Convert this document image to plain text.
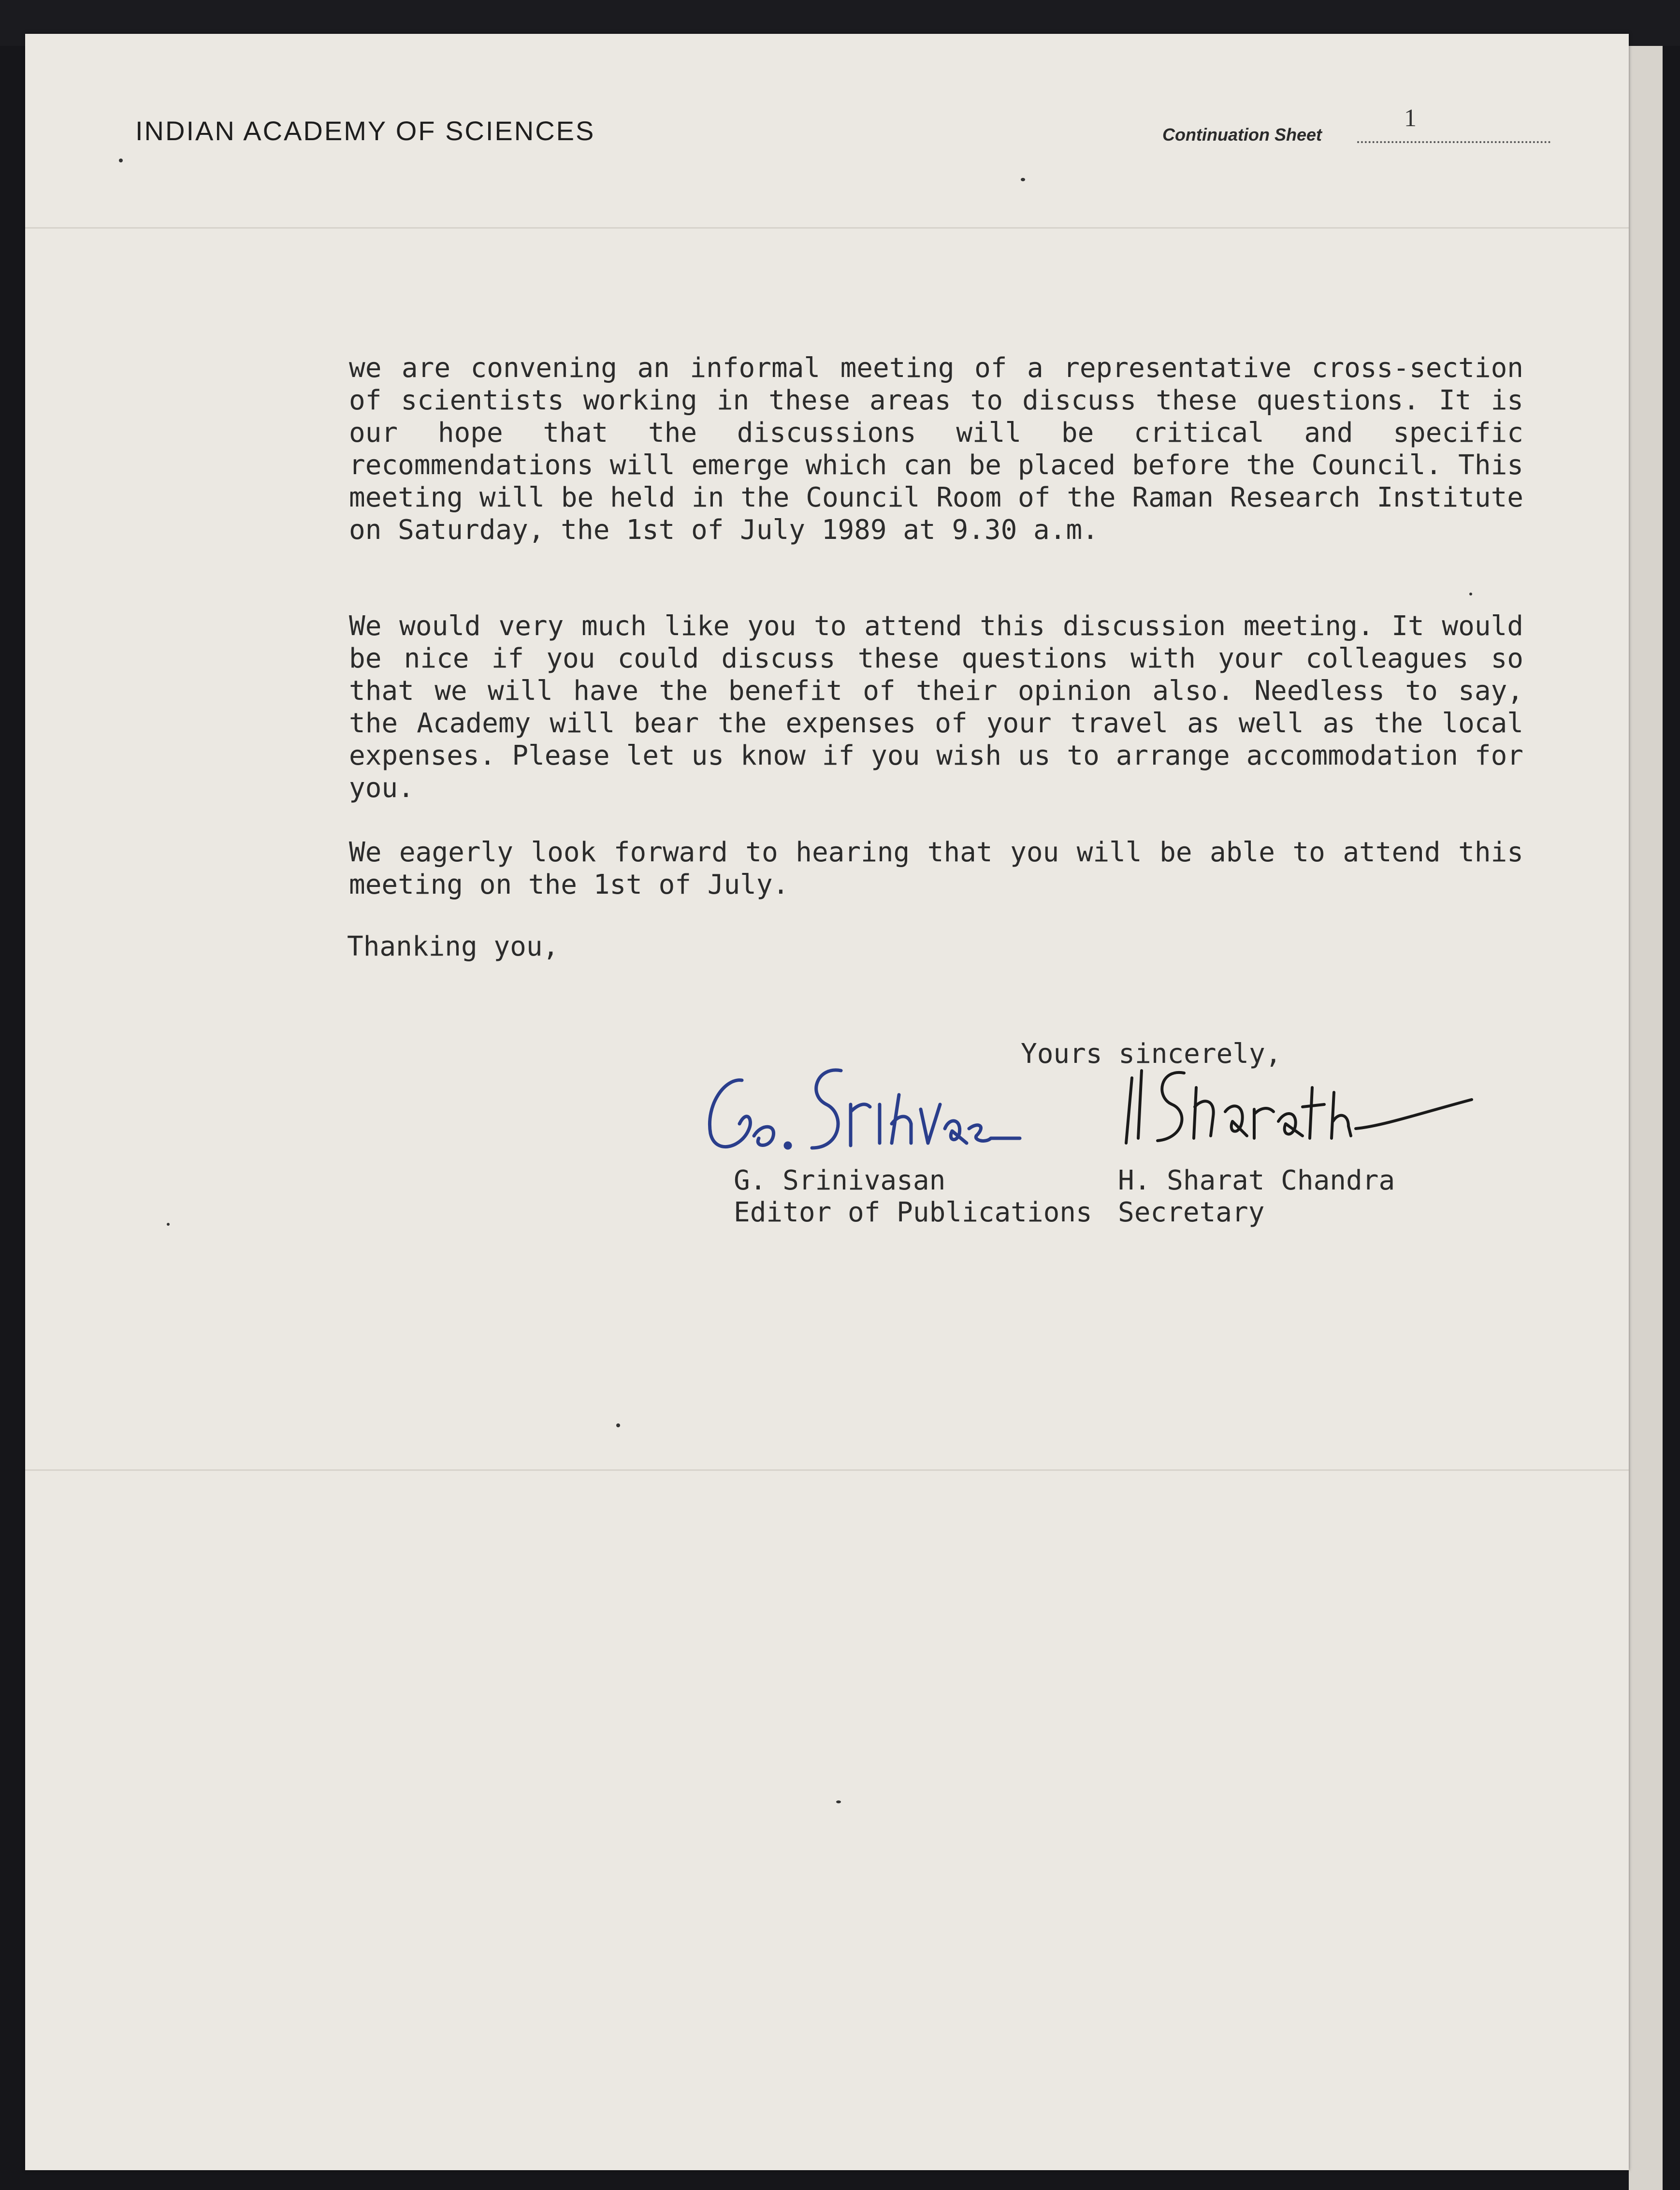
INDIAN ACADEMY OF SCIENCES	Continuation Sheet
1
we are convening an informal meeting of a representative cross-section of scientists working in these areas to discuss these questions. It is our hope that the discussions will be critical and specific recommendations will emerge which can be placed before the Council. This meeting will be held in the Council Room of the Raman Research Institute on Saturday, the 1st of July 1989 at 9.30 a.m.
We would very much like you to attend this discussion meeting. It would be nice if you could discuss these questions with your colleagues so that we will have the benefit of their opinion also. Needless to say, the Academy will bear the expenses of your travel as well as the local expenses. Please let us know if you wish us to arrange accommodation for you.
We eagerly look forward to hearing that you will be able to attend this meeting on the 1st of July.
Thanking you,
Yours sincerely,
G. Srinivasan
Editor of Publications
H. Sharat Chandra
Secretary
